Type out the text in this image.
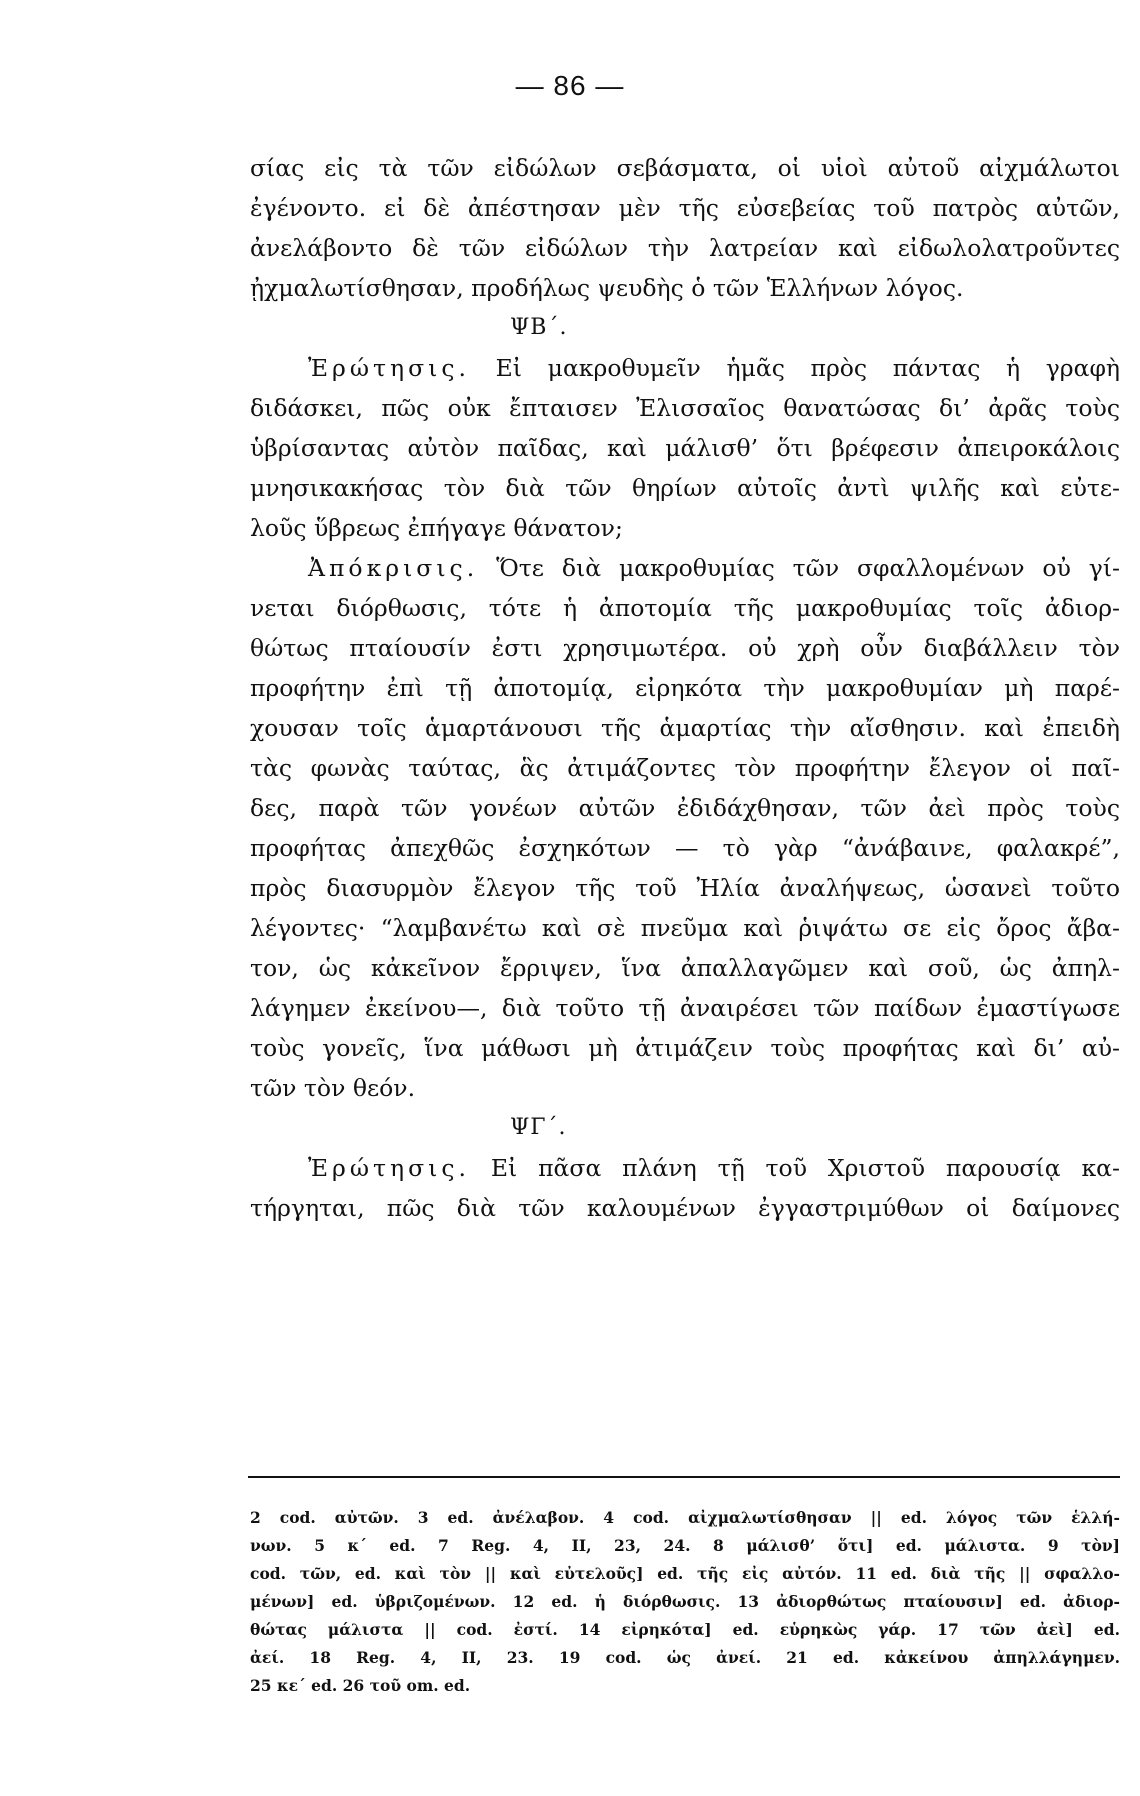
— 86 —
σίας εἰς τὰ τῶν εἰδώλων σεβάσματα, οἱ υἱοὶ αὐτοῦ αἰχμάλωτοι
ἐγένοντο. εἰ δὲ ἀπέστησαν μὲν τῆς εὐσεβείας τοῦ πατρὸς αὐτῶν,
ἀνελάβοντο δὲ τῶν εἰδώλων τὴν λατρείαν καὶ εἰδωλολατροῦντες
ᾐχμαλωτίσθησαν, προδήλως ψευδὴς ὁ τῶν Ἑλλήνων λόγος.
ΨΒ΄.
Ἐρώτησις. Εἰ μακροθυμεῖν ἡμᾶς πρὸς πάντας ἡ γραφὴ
διδάσκει, πῶς οὐκ ἔπταισεν Ἐλισσαῖος θανατώσας δι’ ἀρᾶς τοὺς
ὑβρίσαντας αὐτὸν παῖδας, καὶ μάλισθ’ ὅτι βρέφεσιν ἀπειροκάλοις
μνησικακήσας τὸν διὰ τῶν θηρίων αὐτοῖς ἀντὶ ψιλῆς καὶ εὐτε-
λοῦς ὕβρεως ἐπήγαγε θάνατον;
Ἀπόκρισις. Ὅτε διὰ μακροθυμίας τῶν σφαλλομένων οὐ γί-
νεται διόρθωσις, τότε ἡ ἀποτομία τῆς μακροθυμίας τοῖς ἀδιορ-
θώτως πταίουσίν ἐστι χρησιμωτέρα. οὐ χρὴ οὖν διαβάλλειν τὸν
προφήτην ἐπὶ τῇ ἀποτομίᾳ, εἰρηκότα τὴν μακροθυμίαν μὴ παρέ-
χουσαν τοῖς ἁμαρτάνουσι τῆς ἁμαρτίας τὴν αἴσθησιν. καὶ ἐπειδὴ
τὰς φωνὰς ταύτας, ἃς ἀτιμάζοντες τὸν προφήτην ἔλεγον οἱ παῖ-
δες, παρὰ τῶν γονέων αὐτῶν ἐδιδάχθησαν, τῶν ἀεὶ πρὸς τοὺς
προφήτας ἀπεχθῶς ἐσχηκότων — τὸ γὰρ “ἀνάβαινε, φαλακρέ”,
πρὸς διασυρμὸν ἔλεγον τῆς τοῦ Ἠλία ἀναλήψεως, ὡσανεὶ τοῦτο
λέγοντες· “λαμβανέτω καὶ σὲ πνεῦμα καὶ ῥιψάτω σε εἰς ὄρος ἄβα-
τον, ὡς κἀκεῖνον ἔρριψεν, ἵνα ἀπαλλαγῶμεν καὶ σοῦ, ὡς ἀπηλ-
λάγημεν ἐκείνου—, διὰ τοῦτο τῇ ἀναιρέσει τῶν παίδων ἐμαστίγωσε
τοὺς γονεῖς, ἵνα μάθωσι μὴ ἀτιμάζειν τοὺς προφήτας καὶ δι’ αὐ-
τῶν τὸν θεόν.
ΨΓ΄.
Ἐρώτησις. Εἰ πᾶσα πλάνη τῇ τοῦ Χριστοῦ παρουσίᾳ κα-
τήργηται, πῶς διὰ τῶν καλουμένων ἐγγαστριμύθων οἱ δαίμονες
2 cod. αὐτῶν. 3 ed. ἀνέλαβον. 4 cod. αἰχμαλωτίσθησαν || ed. λόγος τῶν ἑλλή-
νων. 5 κ΄ ed. 7 Reg. 4, II, 23, 24. 8 μάλισθ’ ὅτι] ed. μάλιστα. 9 τὸν]
cod. τῶν, ed. καὶ τὸν || καὶ εὐτελοῦς] ed. τῆς εἰς αὐτόν. 11 ed. διὰ τῆς || σφαλλο-
μένων] ed. ὑβριζομένων. 12 ed. ἡ διόρθωσις. 13 ἀδιορθώτως πταίουσιν] ed. ἀδιορ-
θώτας μάλιστα || cod. ἐστί. 14 εἰρηκότα] ed. εὑρηκὼς γάρ. 17 τῶν ἀεὶ] ed.
ἀεί. 18 Reg. 4, II, 23. 19 cod. ὡς ἀνεί. 21 ed. κἀκείνου ἀπηλλάγημεν.
25 κε΄ ed. 26 τοῦ om. ed.
